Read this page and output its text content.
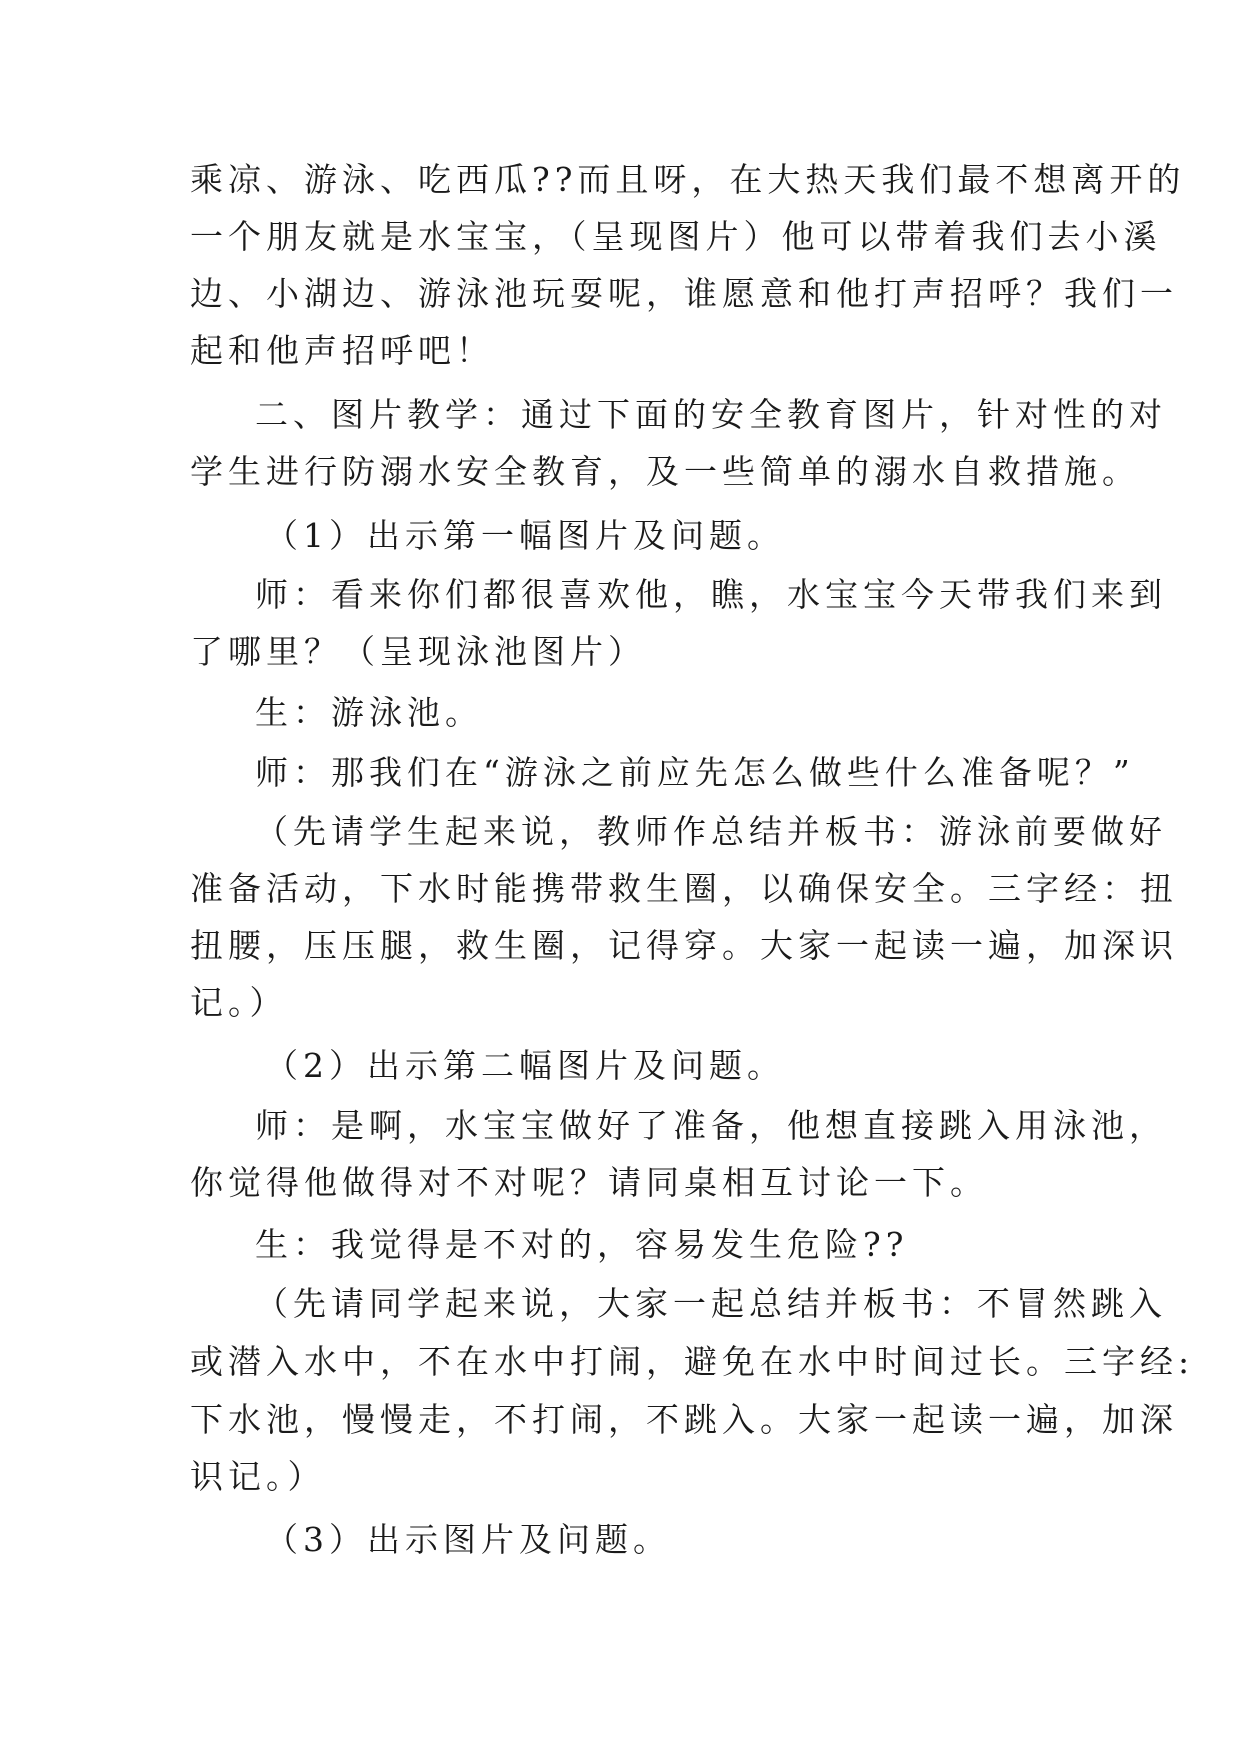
乘凉、游泳、吃西瓜??而且呀，在大热天我们最不想离开的
一个朋友就是水宝宝，（呈现图片）他可以带着我们去小溪
边、小湖边、游泳池玩耍呢，谁愿意和他打声招呼？我们一
起和他声招呼吧！
二、图片教学：通过下面的安全教育图片，针对性的对
学生进行防溺水安全教育，及一些简单的溺水自救措施。
（1）出示第一幅图片及问题。
师：看来你们都很喜欢他，瞧，水宝宝今天带我们来到
了哪里？（呈现泳池图片）
生：游泳池。
师：那我们在“游泳之前应先怎么做些什么准备呢？”
（先请学生起来说，教师作总结并板书：游泳前要做好
准备活动，下水时能携带救生圈，以确保安全。三字经：扭
扭腰，压压腿，救生圈，记得穿。大家一起读一遍，加深识
记。）
（2）出示第二幅图片及问题。
师：是啊，水宝宝做好了准备，他想直接跳入用泳池，
你觉得他做得对不对呢？请同桌相互讨论一下。
生：我觉得是不对的，容易发生危险??
（先请同学起来说，大家一起总结并板书：不冒然跳入
或潜入水中，不在水中打闹，避免在水中时间过长。三字经:
下水池，慢慢走，不打闹，不跳入。大家一起读一遍，加深
识记。）
（3）出示图片及问题。
